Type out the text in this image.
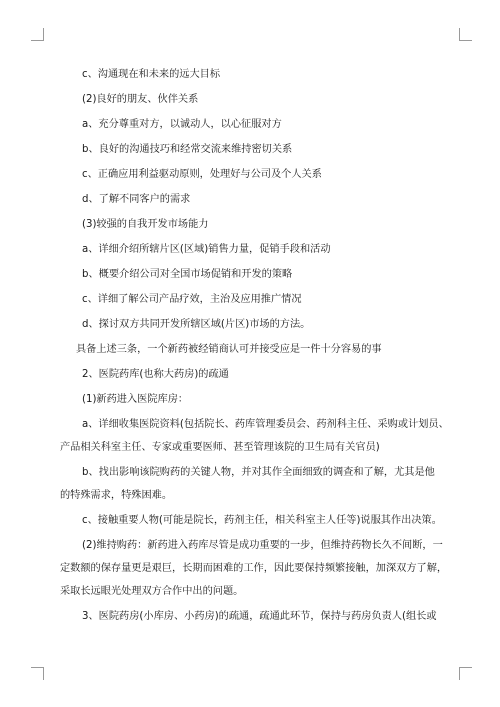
c、沟通现在和未来的远大目标
(2)良好的朋友、伙伴关系
a、充分尊重对方，以诚动人，以心征服对方
b、良好的沟通技巧和经常交流来维持密切关系
c、正确应用利益驱动原则，处理好与公司及个人关系
d、了解不同客户的需求
(3)较强的自我开发市场能力
a、详细介绍所辖片区(区域)销售力量，促销手段和活动
b、概要介绍公司对全国市场促销和开发的策略
c、详细了解公司产品疗效，主治及应用推广情况
d、探讨双方共同开发所辖区域(片区)市场的方法。
具备上述三条，一个新药被经销商认可并接受应是一件十分容易的事
2、医院药库(也称大药房)的疏通
(1)新药进入医院库房：
a、详细收集医院资料(包括院长、药库管理委员会、药剂科主任、采购或计划员、
产品相关科室主任、专家或重要医师、甚至管理该院的卫生局有关官员)
b、找出影响该院购药的关键人物，并对其作全面细致的调查和了解，尤其是他
的特殊需求，特殊困难。
c、接触重要人物(可能是院长，药剂主任，相关科室主人任等)说服其作出决策。
(2)维持购药：新药进入药库尽管是成功重要的一步，但维持药物长久不间断，一
定数额的保存量更是艰巨，长期而困难的工作，因此要保持频繁接触，加深双方了解，
采取长远眼光处理双方合作中出的问题。
3、医院药房(小库房、小药房)的疏通，疏通此环节，保持与药房负责人(组长或
